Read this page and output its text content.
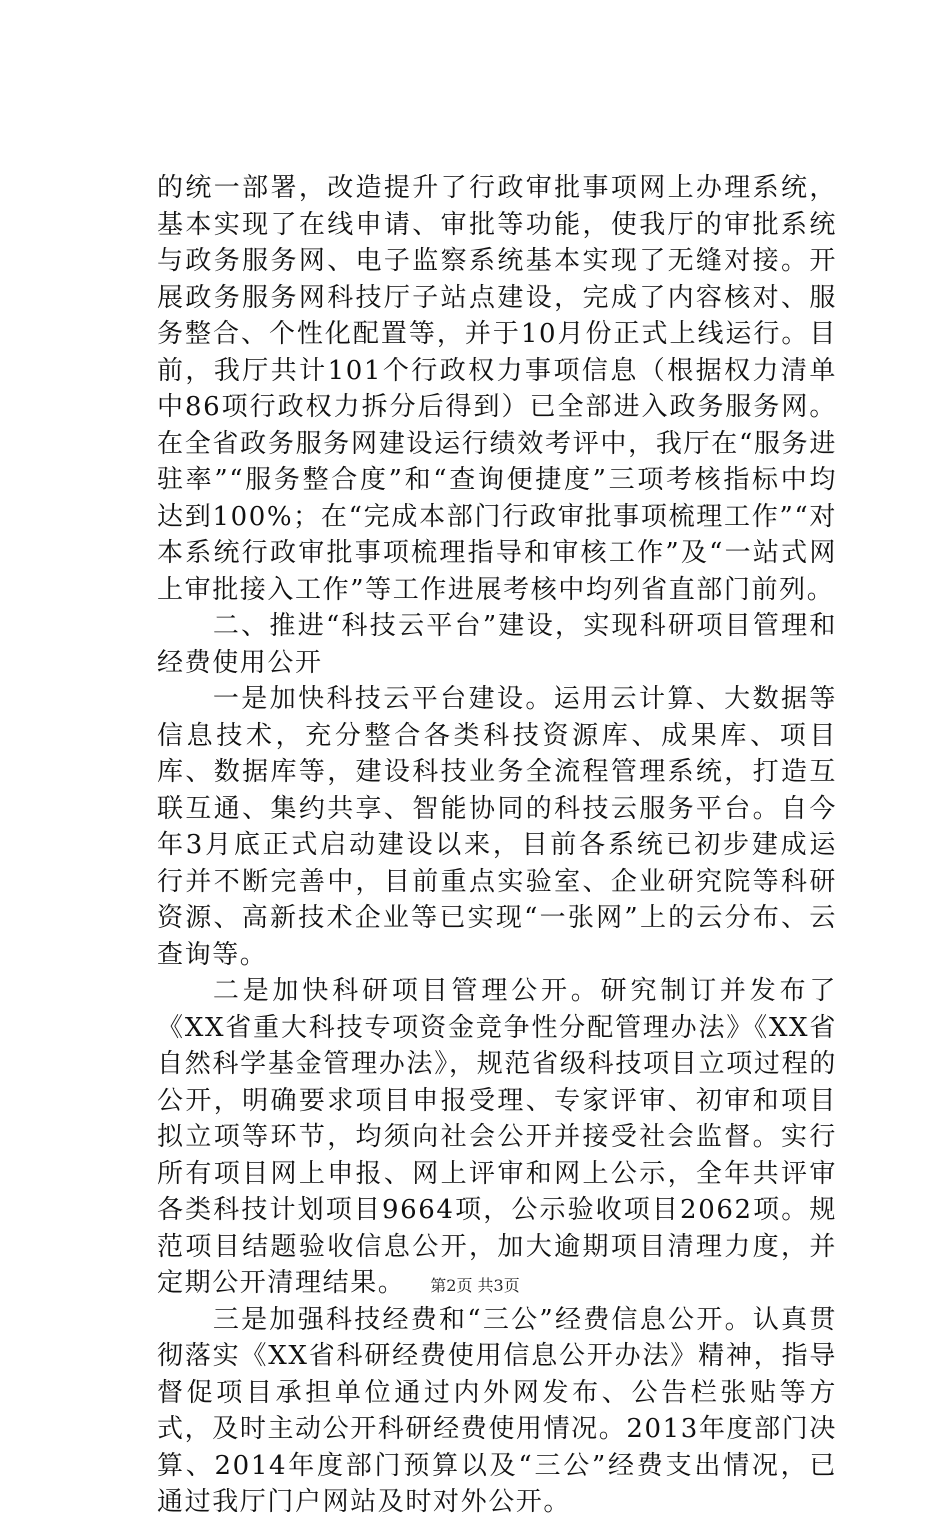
的统一部署，改造提升了行政审批事项网上办理系统，基本实现了在线申请、审批等功能，使我厅的审批系统与政务服务网、电子监察系统基本实现了无缝对接。开展政务服务网科技厅子站点建设，完成了内容核对、服务整合、个性化配置等，并于10月份正式上线运行。目前，我厅共计101个行政权力事项信息（根据权力清单中86项行政权力拆分后得到）已全部进入政务服务网。在全省政务服务网建设运行绩效考评中，我厅在“服务进驻率”“服务整合度”和“查询便捷度”三项考核指标中均达到100%；在“完成本部门行政审批事项梳理工作”“对本系统行政审批事项梳理指导和审核工作”及“一站式网上审批接入工作”等工作进展考核中均列省直部门前列。

二、推进“科技云平台”建设，实现科研项目管理和经费使用公开

一是加快科技云平台建设。运用云计算、大数据等信息技术，充分整合各类科技资源库、成果库、项目库、数据库等，建设科技业务全流程管理系统，打造互联互通、集约共享、智能协同的科技云服务平台。自今年3月底正式启动建设以来，目前各系统已初步建成运行并不断完善中，目前重点实验室、企业研究院等科研资源、高新技术企业等已实现“一张网”上的云分布、云查询等。

二是加快科研项目管理公开。研究制订并发布了《XX省重大科技专项资金竞争性分配管理办法》《XX省自然科学基金管理办法》，规范省级科技项目立项过程的公开，明确要求项目申报受理、专家评审、初审和项目拟立项等环节，均须向社会公开并接受社会监督。实行所有项目网上申报、网上评审和网上公示，全年共评审各类科技计划项目9664项，公示验收项目2062项。规范项目结题验收信息公开，加大逾期项目清理力度，并定期公开清理结果。

三是加强科技经费和“三公”经费信息公开。认真贯彻落实《XX省科研经费使用信息公开办法》精神，指导督促项目承担单位通过内外网发布、公告栏张贴等方式，及时主动公开科研经费使用情况。2013年度部门决算、2014年度部门预算以及“三公”经费支出情况，已通过我厅门户网站及时对外公开。

第2页 共3页
